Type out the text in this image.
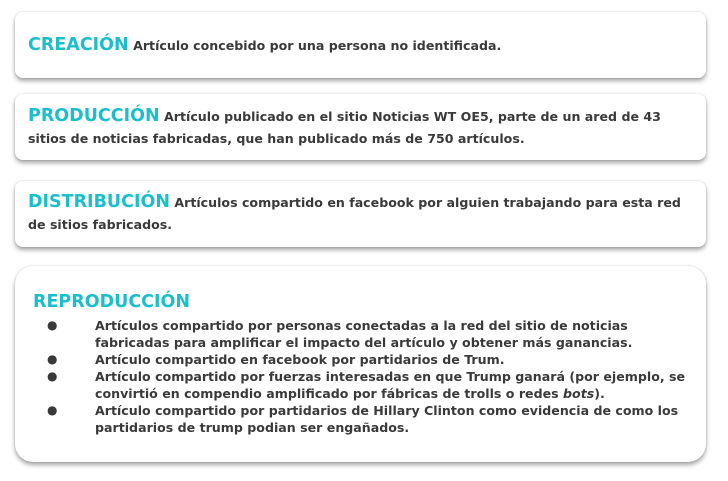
CREACIÓN Artículo concebido por una persona no identificada.

PRODUCCIÓN Artículo publicado en el sitio Noticias WT OE5, parte de un ared de 43 sitios de noticias fabricadas, que han publicado más de 750 artículos.

DISTRIBUCIÓN Artículos compartido en facebook por alguien trabajando para esta red de sitios fabricados.

REPRODUCCIÓN
●	Artículos compartido por personas conectadas a la red del sitio de noticias fabricadas para amplificar el impacto del artículo y obtener más ganancias.
●	Artículo compartido en facebook por partidarios de Trum.
●	Artículo compartido por fuerzas interesadas en que Trump ganará (por ejemplo, se convirtió en compendio amplificado por fábricas de trolls o redes bots).
●	Artículo compartido por partidarios de Hillary Clinton como evidencia de como los partidarios de trump podian ser engañados.
